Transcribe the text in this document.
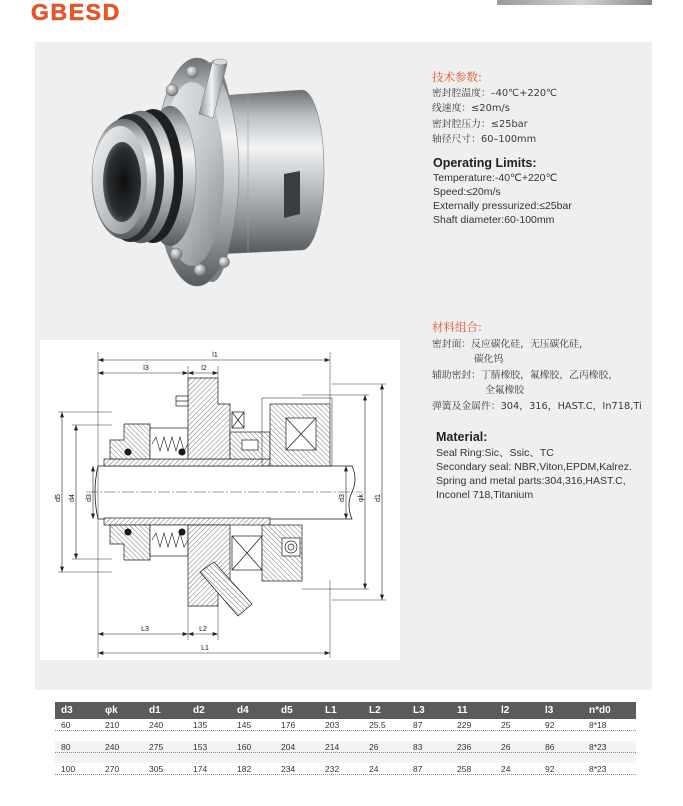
GBESD
l1
l3	l2
L3	L2
L1
d5 d4 d3	d3 φk d1
技术参数:
密封腔温度：–40℃+220℃
线速度：≤20m/s
密封腔压力：≤25bar
轴径尺寸：60–100mm
Operating Limits:
Temperature:-40℃+220℃
Speed:≤20m/s
Externally pressurized:≤25bar
Shaft diameter:60-100mm
材料组合:
密封面：反应碳化硅，无压碳化硅，
碳化钨
辅助密封：丁腈橡胶，氟橡胶，乙丙橡胶，
全氟橡胶
弹簧及金属件：304，316，HAST.C，In718,Ti
Material:
Seal Ring:Sic、Ssic、TC
Secondary seal: NBR,Viton,EPDM,Kalrez.
Spring and metal parts:304,316,HAST.C,
Inconel 718,Titanium
d3	φk	d1	d2	d4	d5	L1	L2	L3	11	l2	l3	n*d0
60	210	240	135	145	176	203	25.5	87	229	25	92	8*18
80	240	275	153	160	204	214	26	83	236	26	86	8*23
100	270	305	174	182	234	232	24	87	258	24	92	8*23
